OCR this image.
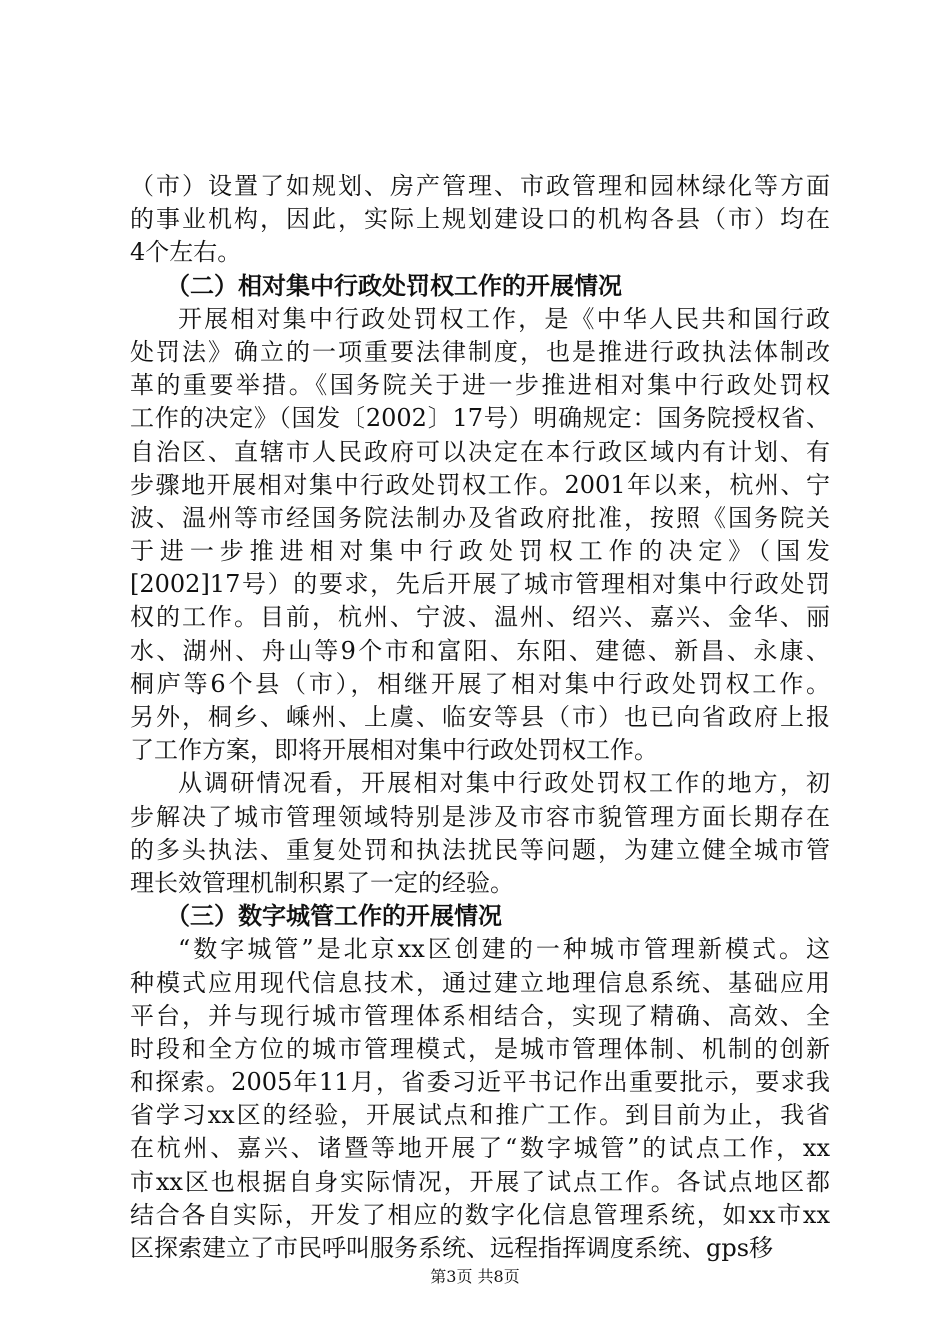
（市）设置了如规划、房产管理、市政管理和园林绿化等方面
的事业机构，因此，实际上规划建设口的机构各县（市）均在
4个左右。
（二）相对集中行政处罚权工作的开展情况
开展相对集中行政处罚权工作，是《中华人民共和国行政
处罚法》确立的一项重要法律制度，也是推进行政执法体制改
革的重要举措。《国务院关于进一步推进相对集中行政处罚权
工作的决定》（国发〔2002〕17号）明确规定：国务院授权省、
自治区、直辖市人民政府可以决定在本行政区域内有计划、有
步骤地开展相对集中行政处罚权工作。2001年以来，杭州、宁
波、温州等市经国务院法制办及省政府批准，按照《国务院关
于进一步推进相对集中行政处罚权工作的决定》（国发
[2002]17号）的要求，先后开展了城市管理相对集中行政处罚
权的工作。目前，杭州、宁波、温州、绍兴、嘉兴、金华、丽
水、湖州、舟山等9个市和富阳、东阳、建德、新昌、永康、
桐庐等6个县（市），相继开展了相对集中行政处罚权工作。
另外，桐乡、嵊州、上虞、临安等县（市）也已向省政府上报
了工作方案，即将开展相对集中行政处罚权工作。
从调研情况看，开展相对集中行政处罚权工作的地方，初
步解决了城市管理领域特别是涉及市容市貌管理方面长期存在
的多头执法、重复处罚和执法扰民等问题，为建立健全城市管
理长效管理机制积累了一定的经验。
（三）数字城管工作的开展情况
“数字城管”是北京xx区创建的一种城市管理新模式。这
种模式应用现代信息技术，通过建立地理信息系统、基础应用
平台，并与现行城市管理体系相结合，实现了精确、高效、全
时段和全方位的城市管理模式，是城市管理体制、机制的创新
和探索。2005年11月，省委习近平书记作出重要批示，要求我
省学习xx区的经验，开展试点和推广工作。到目前为止，我省
在杭州、嘉兴、诸暨等地开展了“数字城管”的试点工作，xx
市xx区也根据自身实际情况，开展了试点工作。各试点地区都
结合各自实际，开发了相应的数字化信息管理系统，如xx市xx
区探索建立了市民呼叫服务系统、远程指挥调度系统、gps移
第3页 共8页
